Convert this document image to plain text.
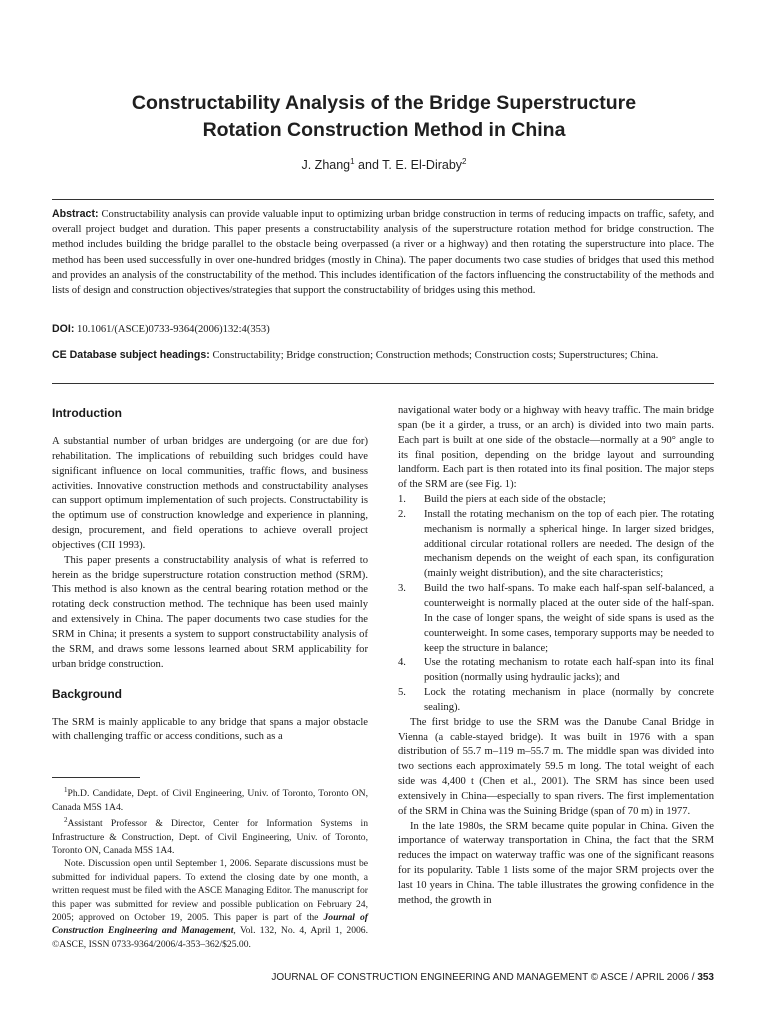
Constructability Analysis of the Bridge Superstructure
Rotation Construction Method in China
J. Zhang$^1$ and T. E. El-Diraby$^2$
Abstract: Constructability analysis can provide valuable input to optimizing urban bridge construction in terms of reducing impacts on traffic, safety, and overall project budget and duration. This paper presents a constructability analysis of the superstructure rotation method for bridge construction. The method includes building the bridge parallel to the obstacle being overpassed (a river or a highway) and then rotating the superstructure into place. The method has been used successfully in over one-hundred bridges (mostly in China). The paper documents two case studies of bridges that used this method and provides an analysis of the constructability of the method. This includes identification of the factors influencing the constructability of the methods and lists of design and construction objectives/strategies that support the constructability of bridges using this method.
DOI: 10.1061/(ASCE)0733-9364(2006)132:4(353)
CE Database subject headings: Constructability; Bridge construction; Construction methods; Construction costs; Superstructures; China.
Introduction

A substantial number of urban bridges are undergoing (or are due for) rehabilitation. The implications of rebuilding such bridges could have significant influence on local communities, traffic flows, and business activities. Innovative construction methods and constructability analyses can support optimum implementation of such projects. Constructability is the optimum use of construction knowledge and experience in planning, design, procurement, and field operations to achieve overall project objectives (CII 1993).

This paper presents a constructability analysis of what is referred to herein as the bridge superstructure rotation construction method (SRM). This method is also known as the central bearing rotation method or the rotating deck construction method. The technique has been used mainly and extensively in China. The paper documents two case studies for the SRM in China; it presents a system to support constructability analysis of the SRM, and draws some lessons learned about SRM applicability for urban bridge construction.

Background

The SRM is mainly applicable to any bridge that spans a major obstacle with challenging traffic or access conditions, such as a

$^1$Ph.D. Candidate, Dept. of Civil Engineering, Univ. of Toronto, Toronto ON, Canada M5S 1A4.

$^2$Assistant Professor & Director, Center for Information Systems in Infrastructure & Construction, Dept. of Civil Engineering, Univ. of Toronto, Toronto ON, Canada M5S 1A4.

Note. Discussion open until September 1, 2006. Separate discussions must be submitted for individual papers. To extend the closing date by one month, a written request must be filed with the ASCE Managing Editor. The manuscript for this paper was submitted for review and possible publication on February 24, 2005; approved on October 19, 2005. This paper is part of the Journal of Construction Engineering and Management, Vol. 132, No. 4, April 1, 2006. ©ASCE, ISSN 0733-9364/2006/4-353–362/$25.00.

navigational water body or a highway with heavy traffic. The main bridge span (be it a girder, a truss, or an arch) is divided into two main parts. Each part is built at one side of the obstacle—normally at a 90° angle to its final position, depending on the bridge layout and surrounding landform. Each part is then rotated into its final position. The major steps of the SRM are (see Fig. 1):

1. Build the piers at each side of the obstacle;
2. Install the rotating mechanism on the top of each pier. The rotating mechanism is normally a spherical hinge. In larger sized bridges, additional circular rotational rollers are needed. The design of the mechanism depends on the weight of each span, its configuration (mainly weight distribution), and the site characteristics;
3. Build the two half-spans. To make each half-span self-balanced, a counterweight is normally placed at the outer side of the half-span. In the case of longer spans, the weight of side spans is used as the counterweight. In some cases, temporary supports may be needed to keep the structure in balance;
4. Use the rotating mechanism to rotate each half-span into its final position (normally using hydraulic jacks); and
5. Lock the rotating mechanism in place (normally by concrete sealing).

The first bridge to use the SRM was the Danube Canal Bridge in Vienna (a cable-stayed bridge). It was built in 1976 with a span distribution of 55.7 m–119 m–55.7 m. The middle span was divided into two sections each approximately 59.5 m long. The total weight of each side was 4,400 t (Chen et al., 2001). The SRM has since been used extensively in China—especially to span rivers. The first implementation of the SRM in China was the Suining Bridge (span of 70 m) in 1977.

In the late 1980s, the SRM became quite popular in China. Given the importance of waterway transportation in China, the fact that the SRM reduces the impact on waterway traffic was one of the significant reasons for its popularity. Table 1 lists some of the major SRM projects over the last 10 years in China. The table illustrates the growing confidence in the method, the growth in

JOURNAL OF CONSTRUCTION ENGINEERING AND MANAGEMENT © ASCE / APRIL 2006 / 353
